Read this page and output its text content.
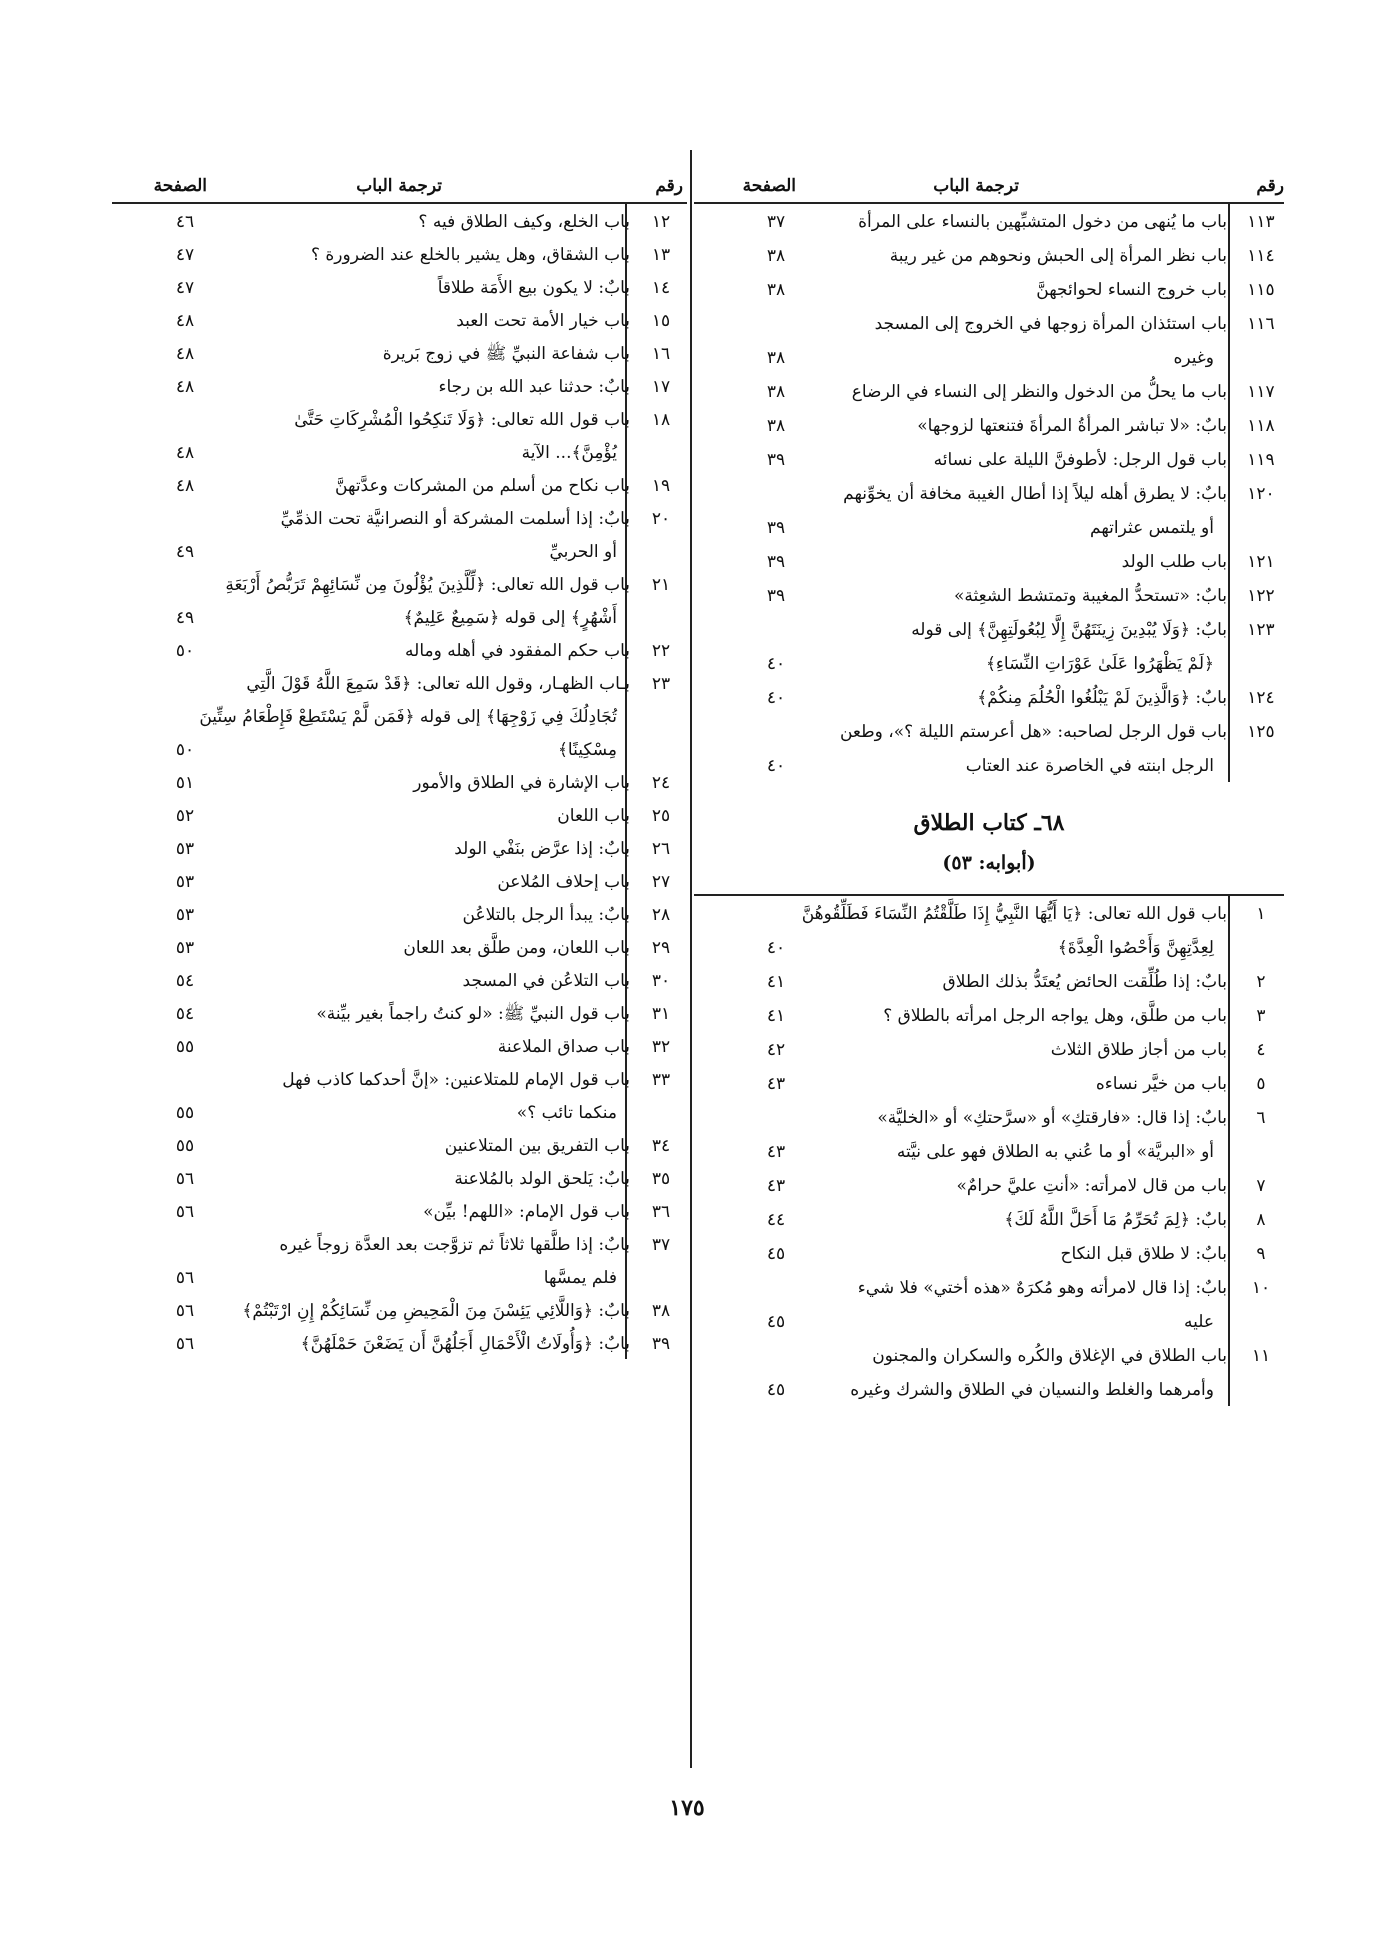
رقم
ترجمة الباب
الصفحة
١١٣
باب ما يُنهى من دخول المتشبِّهين بالنساء على المرأة
٣٧
١١٤
باب نظر المرأة إلى الحبش ونحوهم من غير ريبة
٣٨
١١٥
باب خروج النساء لحوائجهنَّ
٣٨
١١٦
باب استئذان المرأة زوجها في الخروج إلى المسجد
وغيره
٣٨
١١٧
باب ما يحلُّ من الدخول والنظر إلى النساء في الرضاع
٣٨
١١٨
بابٌ: «لا تباشر المرأةُ المرأةَ فتنعتها لزوجها»
٣٨
١١٩
باب قول الرجل: لأطوفنَّ الليلة على نسائه
٣٩
١٢٠
بابٌ: لا يطرق أهله ليلاً إذا أطال الغيبة مخافة أن يخوِّنهم
أو يلتمس عثراتهم
٣٩
١٢١
باب طلب الولد
٣٩
١٢٢
بابٌ: «تستحدُّ المغيبة وتمتشط الشعِثة»
٣٩
١٢٣
بابٌ: ﴿وَلَا يُبْدِينَ زِينَتَهُنَّ إِلَّا لِبُعُولَتِهِنَّ﴾ إلى قوله
﴿لَمْ يَظْهَرُوا عَلَىٰ عَوْرَاتِ النِّسَاءِ﴾
٤٠
١٢٤
بابٌ: ﴿وَالَّذِينَ لَمْ يَبْلُغُوا الْحُلُمَ مِنكُمْ﴾
٤٠
١٢٥
باب قول الرجل لصاحبه: «هل أعرستم الليلة ؟»، وطعن
الرجل ابنته في الخاصرة عند العتاب
٤٠
٦٨ـ كتاب الطلاق
(أبوابه: ٥٣)
١
باب قول الله تعالى: ﴿يَا أَيُّهَا النَّبِيُّ إِذَا طَلَّقْتُمُ النِّسَاءَ فَطَلِّقُوهُنَّ
لِعِدَّتِهِنَّ وَأَحْصُوا الْعِدَّةَ﴾
٤٠
٢
بابٌ: إذا طُلِّقت الحائض يُعتَدُّ بذلك الطلاق
٤١
٣
باب من طلَّق، وهل يواجه الرجل امرأته بالطلاق ؟
٤١
٤
باب من أجاز طلاق الثلاث
٤٢
٥
باب من خيَّر نساءه
٤٣
٦
بابٌ: إذا قال: «فارقتكِ» أو «سرَّحتكِ» أو «الخليَّة»
أو «البريَّة» أو ما عُني به الطلاق فهو على نيَّته
٤٣
٧
باب من قال لامرأته: «أنتِ عليَّ حرامٌ»
٤٣
٨
بابٌ: ﴿لِمَ تُحَرِّمُ مَا أَحَلَّ اللَّهُ لَكَ﴾
٤٤
٩
بابٌ: لا طلاق قبل النكاح
٤٥
١٠
بابٌ: إذا قال لامرأته وهو مُكرَهٌ «هذه أختي» فلا شيء
عليه
٤٥
١١
باب الطلاق في الإغلاق والكُره والسكران والمجنون
وأمرهما والغلط والنسيان في الطلاق والشرك وغيره
٤٥
رقم
ترجمة الباب
الصفحة
١٢
باب الخلع، وكيف الطلاق فيه ؟
٤٦
١٣
باب الشقاق، وهل يشير بالخلع عند الضرورة ؟
٤٧
١٤
بابٌ: لا يكون بيع الأَمَة طلاقاً
٤٧
١٥
باب خيار الأمة تحت العبد
٤٨
١٦
باب شفاعة النبيِّ ﷺ في زوج بَريرة
٤٨
١٧
بابٌ: حدثنا عبد الله بن رجاء
٤٨
١٨
باب قول الله تعالى: ﴿وَلَا تَنكِحُوا الْمُشْرِكَاتِ حَتَّىٰ
يُؤْمِنَّ﴾... الآية
٤٨
١٩
باب نكاح من أسلم من المشركات وعدَّتهنَّ
٤٨
٢٠
بابٌ: إذا أسلمت المشركة أو النصرانيَّة تحت الذمِّيِّ
أو الحربيِّ
٤٩
٢١
باب قول الله تعالى: ﴿لِّلَّذِينَ يُؤْلُونَ مِن نِّسَائِهِمْ تَرَبُّصُ أَرْبَعَةِ
أَشْهُرٍ﴾ إلى قوله ﴿سَمِيعٌ عَلِيمٌ﴾
٤٩
٢٢
باب حكم المفقود في أهله وماله
٥٠
٢٣
بـاب الظهـار، وقول الله تعالى: ﴿قَدْ سَمِعَ اللَّهُ قَوْلَ الَّتِي
تُجَادِلُكَ فِي زَوْجِهَا﴾ إلى قوله ﴿فَمَن لَّمْ يَسْتَطِعْ فَإِطْعَامُ سِتِّينَ
مِسْكِينًا﴾
٥٠
٢٤
باب الإشارة في الطلاق والأمور
٥١
٢٥
باب اللعان
٥٢
٢٦
بابٌ: إذا عرَّض بنَفْي الولد
٥٣
٢٧
باب إحلاف المُلاعن
٥٣
٢٨
بابٌ: يبدأ الرجل بالتلاعُن
٥٣
٢٩
باب اللعان، ومن طلَّق بعد اللعان
٥٣
٣٠
باب التلاعُن في المسجد
٥٤
٣١
باب قول النبيِّ ﷺ: «لو كنتُ راجماً بغير بيِّنة»
٥٤
٣٢
باب صداق الملاعنة
٥٥
٣٣
باب قول الإمام للمتلاعنين: «إنَّ أحدكما كاذب فهل
منكما تائب ؟»
٥٥
٣٤
باب التفريق بين المتلاعنين
٥٥
٣٥
بابٌ: يَلحق الولد بالمُلاعنة
٥٦
٣٦
باب قول الإمام: «اللهم! بيِّن»
٥٦
٣٧
بابٌ: إذا طلَّقها ثلاثاً ثم تزوَّجت بعد العدَّة زوجاً غيره
فلم يمسَّها
٥٦
٣٨
بابٌ: ﴿وَاللَّائِي يَئِسْنَ مِنَ الْمَحِيضِ مِن نِّسَائِكُمْ إِنِ ارْتَبْتُمْ﴾
٥٦
٣٩
بابٌ: ﴿وَأُولَاتُ الْأَحْمَالِ أَجَلُهُنَّ أَن يَضَعْنَ حَمْلَهُنَّ﴾
٥٦
١٧٥
